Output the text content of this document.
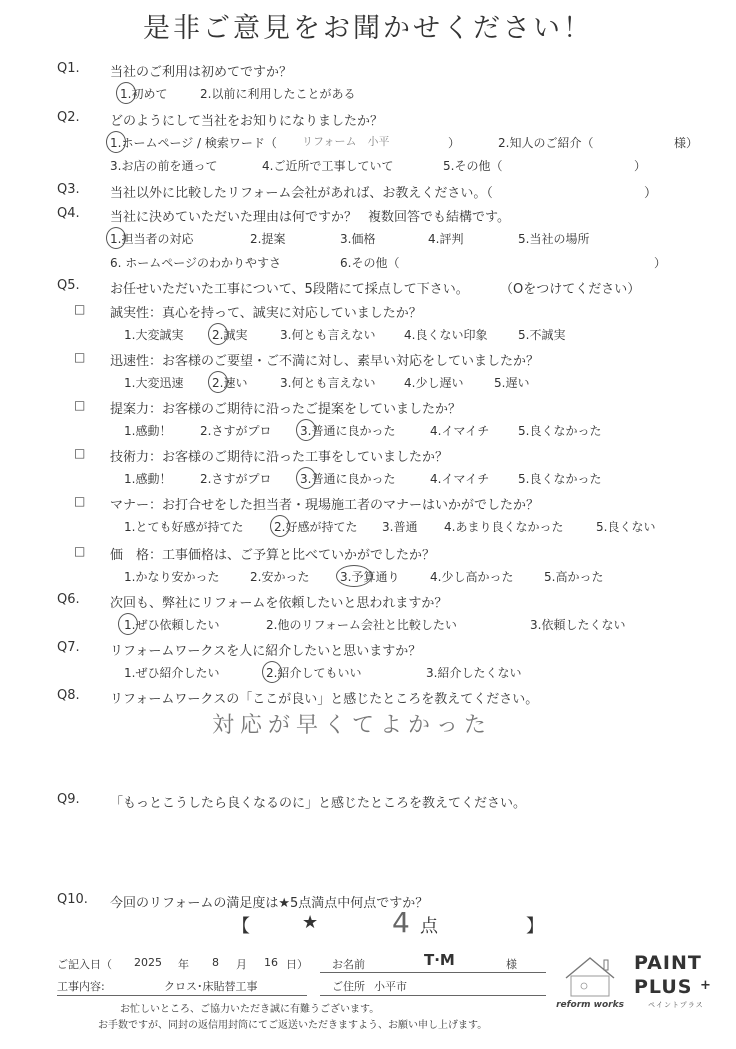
是非ご意見をお聞かせください！
Q1. 当社のご利用は初めてですか？
1.初めて	2.以前に利用したことがある
Q2. どのようにして当社をお知りになりましたか？
1.ホームページ / 検索ワード（ リフォーム　小平	）	2.知人のご紹介（	様）
3.お店の前を通って	4.ご近所で工事していて	5.その他（	）
Q3. 当社以外に比較したリフォーム会社があれば、お教えください。（	）
Q4. 当社に決めていただいた理由は何ですか？ 複数回答でも結構です。
1.担当者の対応	2.提案	3.価格	4.評判	5.当社の場所
6. ホームページのわかりやすさ	6.その他（	）
Q5. お任せいただいた工事について、5段階にて採点して下さい。 （Oをつけてください）
□ 誠実性：真心を持って、誠実に対応していましたか？
1.大変誠実 2.誠実	3.何とも言えない 4.良くない印象	5.不誠実
□ 迅速性：お客様のご要望・ご不満に対し、素早い対応をしていましたか？
1.大変迅速 2.速い	3.何とも言えない 4.少し遅い	5.遅い
□ 提案力：お客様のご期待に沿ったご提案をしていましたか？
1.感動！ 2.さすがプロ 3.普通に良かった	4.イマイチ 5.良くなかった
□ 技術力：お客様のご期待に沿った工事をしていましたか？
1.感動！ 2.さすがプロ 3.普通に良かった	4.イマイチ 5.良くなかった
□ マナー：お打合せをした担当者・現場施工者のマナーはいかがでしたか？
1.とても好感が持てた	2.好感が持てた 3.普通 4.あまり良くなかった	5.良くない
□ 価　格：工事価格は、ご予算と比べていかがでしたか？
1.かなり安かった	2.安かった	3.予算通り	4.少し高かった	5.高かった
Q6. 次回も、弊社にリフォームを依頼したいと思われますか？
1.ぜひ依頼したい	2.他のリフォーム会社と比較したい	3.依頼したくない
Q7. リフォームワークスを人に紹介したいと思いますか？
1.ぜひ紹介したい	2.紹介してもいい	3.紹介したくない
Q8. リフォームワークスの「ここが良い」と感じたところを教えてください。
対応が早くてよかった
Q9. 「もっとこうしたら良くなるのに」と感じたところを教えてください。
Q10. 今回のリフォームの満足度は★5点満点中何点ですか？
【	★	4 点	】
ご記入日（ 2025 年 8 月 16 日） お名前	T·M	様
工事内容:	クロス･床貼替工事	ご住所 小平市
お忙しいところ、ご協力いただき誠に有難うございます。
お手数ですが、同封の返信用封筒にてご返送いただきますよう、お願い申し上げます。
reform works
PAINT
PLUS +
ペイントプラス
